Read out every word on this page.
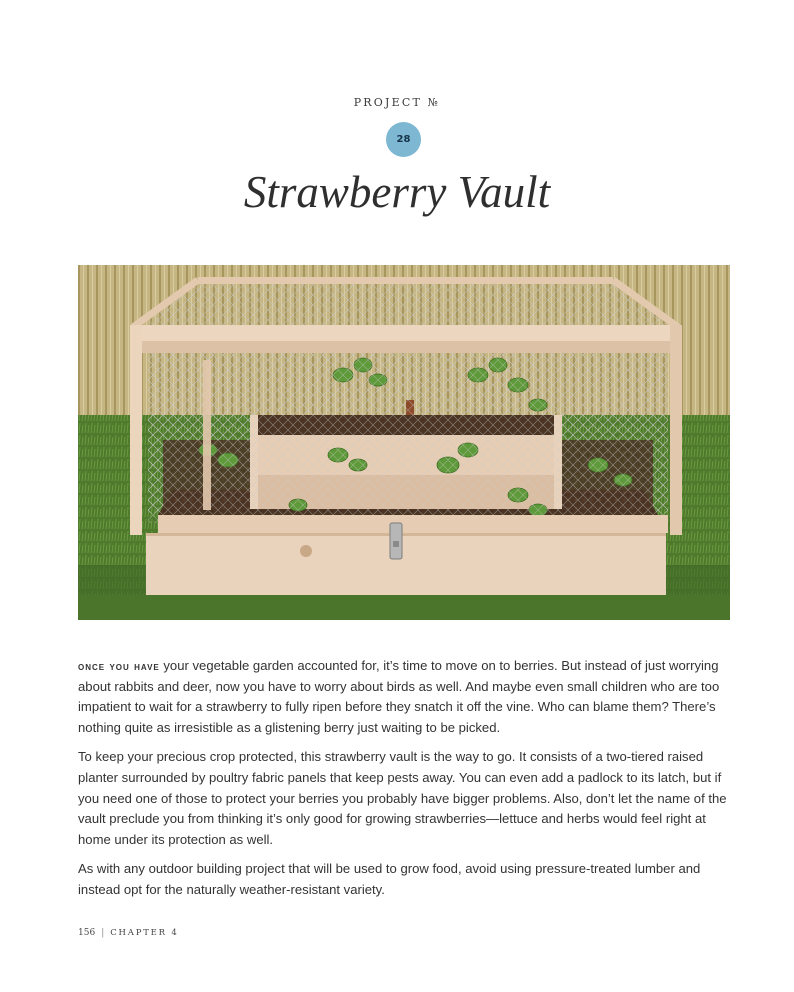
PROJECT №
28
Strawberry Vault

once you have your vegetable garden accounted for, it’s time to move on to berries. But instead of just worrying about rabbits and deer, now you have to worry about birds as well. And maybe even small children who are too impatient to wait for a strawberry to fully ripen before they snatch it off the vine. Who can blame them? There’s nothing quite as irresistible as a glistening berry just waiting to be picked.

To keep your precious crop protected, this strawberry vault is the way to go. It consists of a two-tiered raised planter surrounded by poultry fabric panels that keep pests away. You can even add a padlock to its latch, but if you need one of those to protect your berries you probably have bigger problems. Also, don’t let the name of the vault preclude you from thinking it’s only good for growing strawberries—lettuce and herbs would feel right at home under its protection as well.

As with any outdoor building project that will be used to grow food, avoid using pressure-treated lumber and instead opt for the naturally weather-resistant variety.

156 | CHAPTER 4
